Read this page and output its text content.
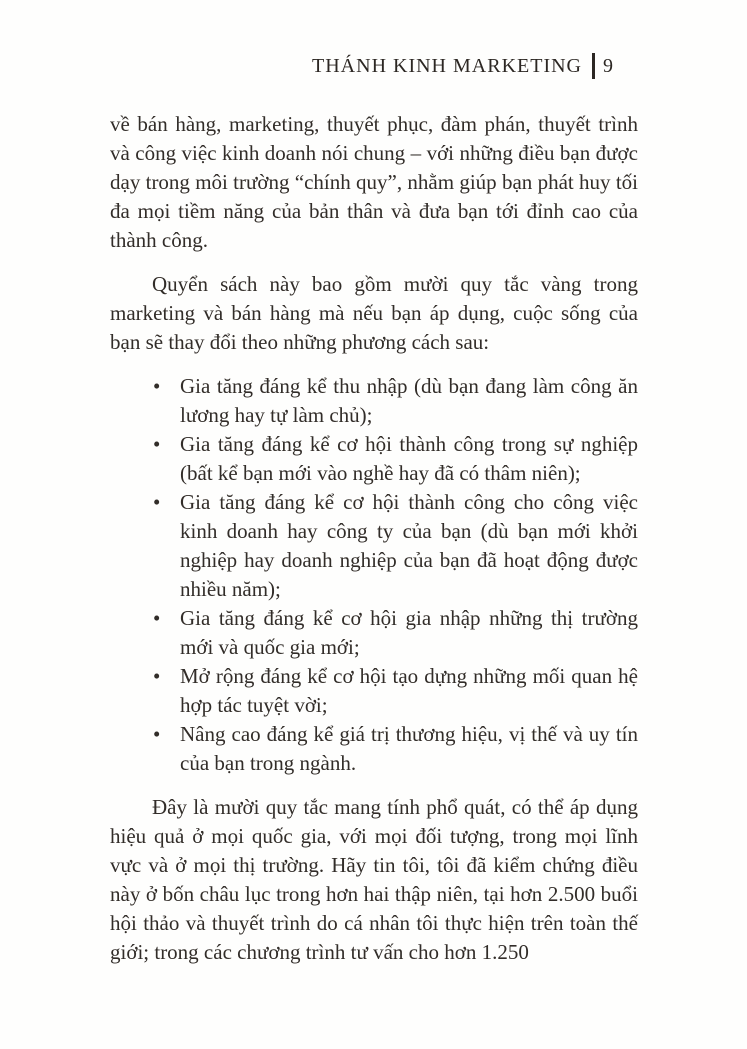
THÁNH KINH MARKETING 9

về bán hàng, marketing, thuyết phục, đàm phán, thuyết trình và công việc kinh doanh nói chung – với những điều bạn được dạy trong môi trường “chính quy”, nhằm giúp bạn phát huy tối đa mọi tiềm năng của bản thân và đưa bạn tới đỉnh cao của thành công.

Quyển sách này bao gồm mười quy tắc vàng trong marketing và bán hàng mà nếu bạn áp dụng, cuộc sống của bạn sẽ thay đổi theo những phương cách sau:

• Gia tăng đáng kể thu nhập (dù bạn đang làm công ăn lương hay tự làm chủ);
• Gia tăng đáng kể cơ hội thành công trong sự nghiệp (bất kể bạn mới vào nghề hay đã có thâm niên);
• Gia tăng đáng kể cơ hội thành công cho công việc kinh doanh hay công ty của bạn (dù bạn mới khởi nghiệp hay doanh nghiệp của bạn đã hoạt động được nhiều năm);
• Gia tăng đáng kể cơ hội gia nhập những thị trường mới và quốc gia mới;
• Mở rộng đáng kể cơ hội tạo dựng những mối quan hệ hợp tác tuyệt vời;
• Nâng cao đáng kể giá trị thương hiệu, vị thế và uy tín của bạn trong ngành.

Đây là mười quy tắc mang tính phổ quát, có thể áp dụng hiệu quả ở mọi quốc gia, với mọi đối tượng, trong mọi lĩnh vực và ở mọi thị trường. Hãy tin tôi, tôi đã kiểm chứng điều này ở bốn châu lục trong hơn hai thập niên, tại hơn 2.500 buổi hội thảo và thuyết trình do cá nhân tôi thực hiện trên toàn thế giới; trong các chương trình tư vấn cho hơn 1.250
